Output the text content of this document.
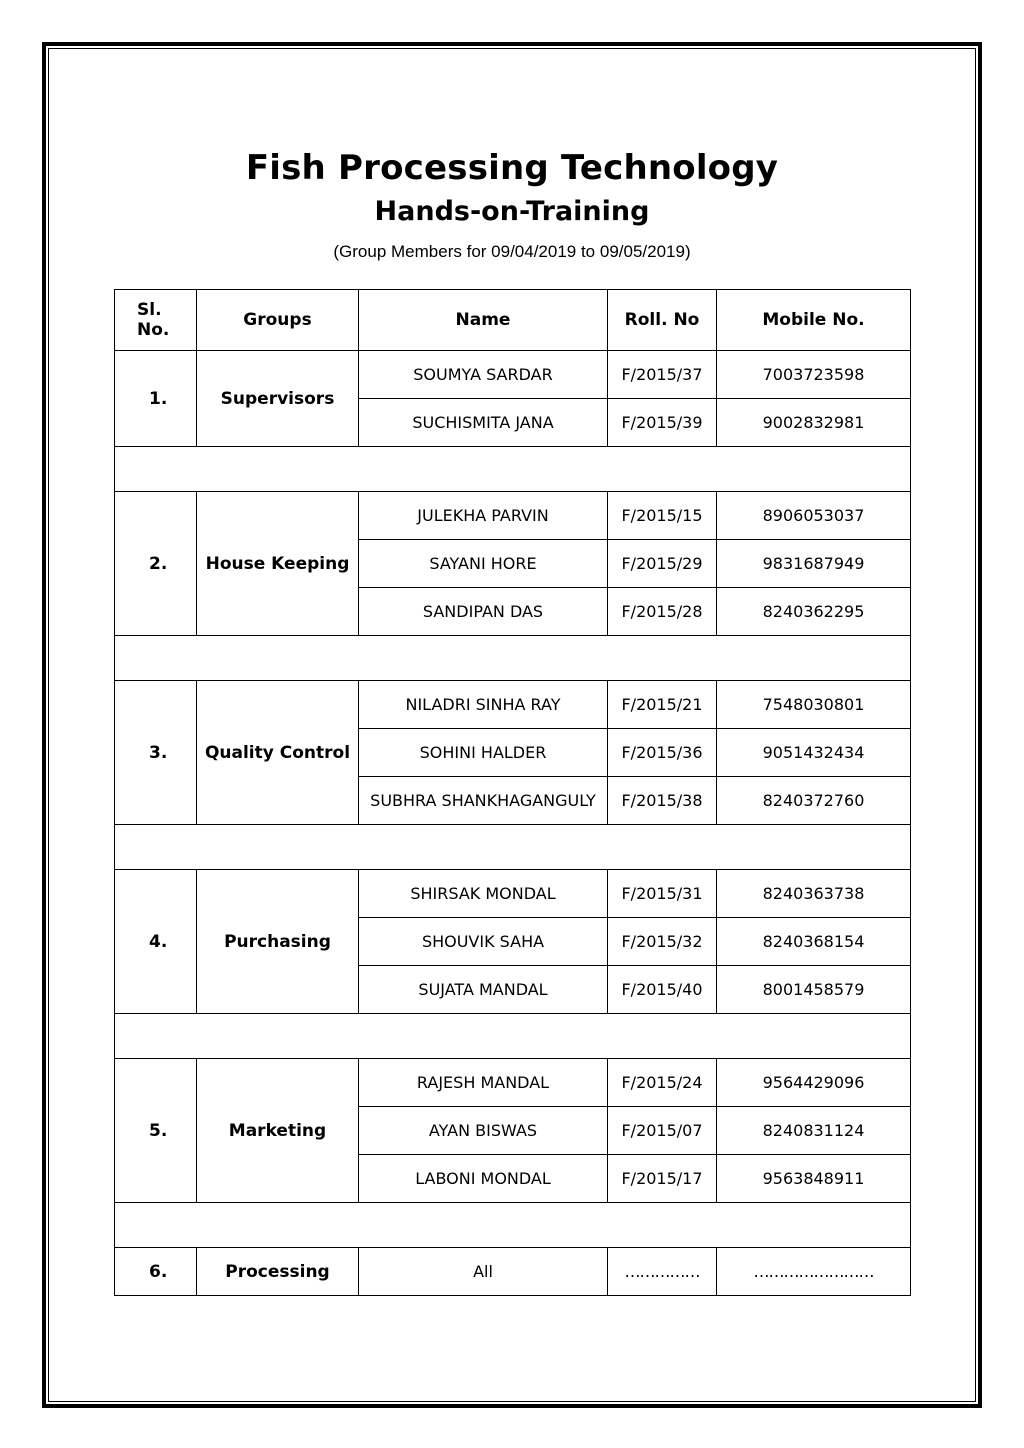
Fish Processing Technology
Hands-on-Training
(Group Members for 09/04/2019 to 09/05/2019)
Sl. No.	Groups	Name	Roll. No	Mobile No.
1.	Supervisors	SOUMYA SARDAR	F/2015/37	7003723598
		SUCHISMITA JANA	F/2015/39	9002832981

2.	House Keeping	JULEKHA PARVIN	F/2015/15	8906053037
		SAYANI HORE	F/2015/29	9831687949
		SANDIPAN DAS	F/2015/28	8240362295

3.	Quality Control	NILADRI SINHA RAY	F/2015/21	7548030801
		SOHINI HALDER	F/2015/36	9051432434
		SUBHRA SHANKHAGANGULY	F/2015/38	8240372760

4.	Purchasing	SHIRSAK MONDAL	F/2015/31	8240363738
		SHOUVIK SAHA	F/2015/32	8240368154
		SUJATA MANDAL	F/2015/40	8001458579

5.	Marketing	RAJESH MANDAL	F/2015/24	9564429096
		AYAN BISWAS	F/2015/07	8240831124
		LABONI MONDAL	F/2015/17	9563848911

6.	Processing	All	……………	……………………
